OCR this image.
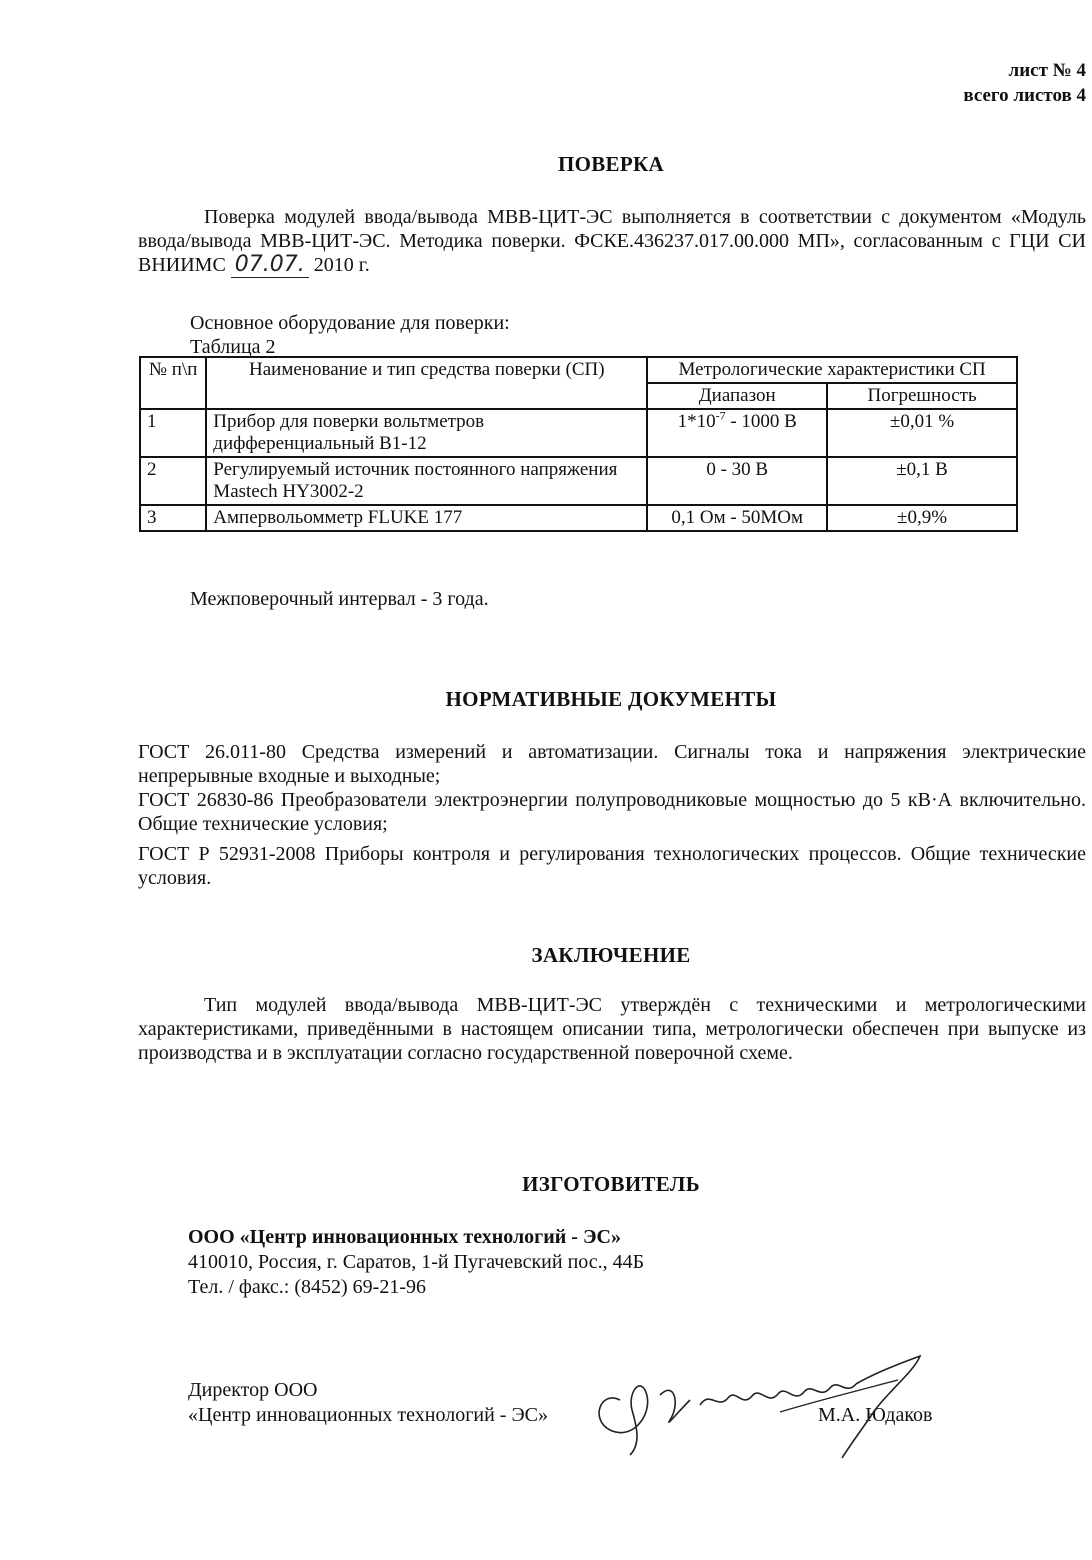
лист № 4
всего листов 4
ПОВЕРКА
Поверка модулей ввода/вывода МВВ-ЦИТ-ЭС выполняется в соответствии с документом «Модуль ввода/вывода МВВ-ЦИТ-ЭС. Методика поверки. ФСКЕ.436237.017.00.000 МП», согласованным с ГЦИ СИ ВНИИМС 07.07. 2010 г.
Основное оборудование для поверки:
Таблица 2
№ п\п	Наименование и тип средства поверки (СП)	Метрологические характеристики СП	
		Диапазон	Погрешность
1	Прибор для поверки вольтметров дифференциальный В1-12	$1*10^{-7} - 1000$ В	±0,01 %
2	Регулируемый источник постоянного напряжения Mastech HY3002-2	0 - 30 В	±0,1 В
3	Ампервольомметр FLUKE 177	0,1 Ом - 50МОм	±0,9%
Межповерочный интервал - 3 года.
НОРМАТИВНЫЕ ДОКУМЕНТЫ
ГОСТ 26.011-80 Средства измерений и автоматизации. Сигналы тока и напряжения электрические непрерывные входные и выходные;
ГОСТ 26830-86 Преобразователи электроэнергии полупроводниковые мощностью до 5 кВ·А включительно. Общие технические условия;
ГОСТ Р 52931-2008 Приборы контроля и регулирования технологических процессов. Общие технические условия.
ЗАКЛЮЧЕНИЕ
Тип модулей ввода/вывода МВВ-ЦИТ-ЭС утверждён с техническими и метрологическими характеристиками, приведёнными в настоящем описании типа, метрологически обеспечен при выпуске из производства и в эксплуатации согласно государственной поверочной схеме.
ИЗГОТОВИТЕЛЬ
ООО «Центр инновационных технологий - ЭС»
410010, Россия, г. Саратов, 1-й Пугачевский пос., 44Б
Тел. / факс.: (8452) 69-21-96
Директор ООО
«Центр инновационных технологий - ЭС»	М.А. Юдаков
